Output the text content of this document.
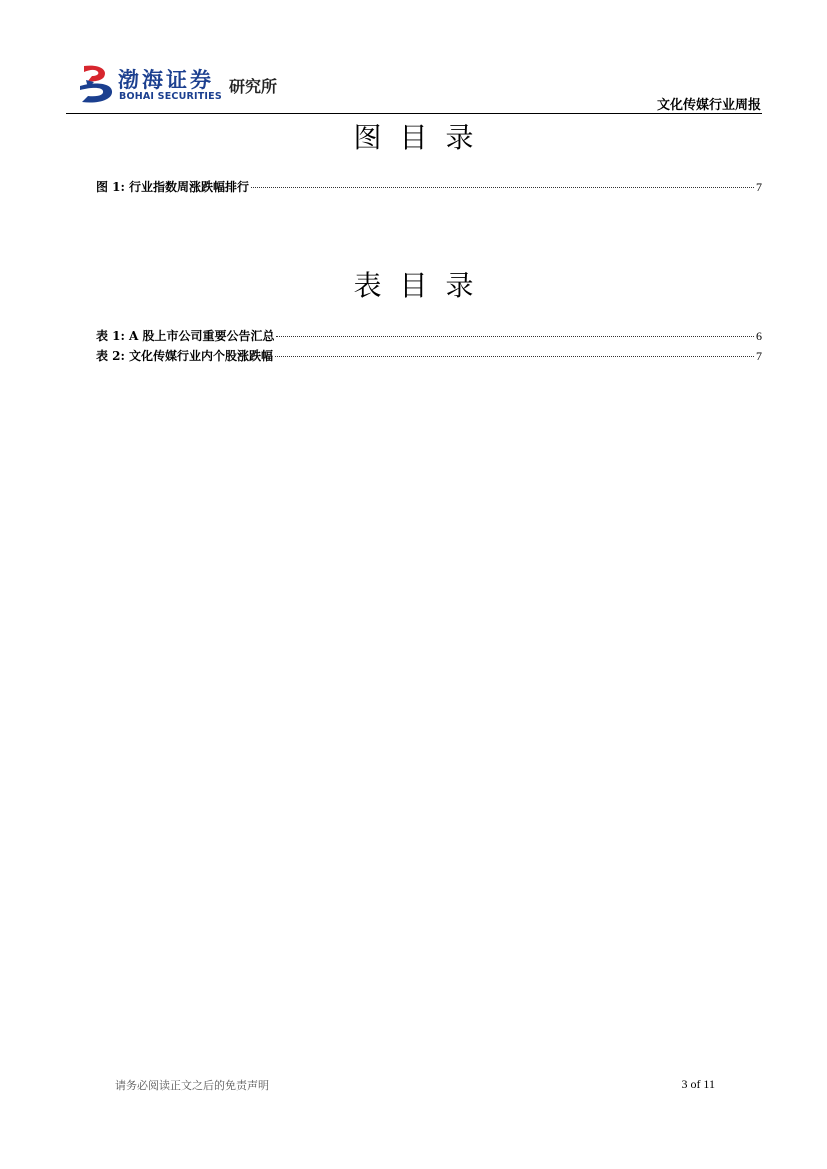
渤海证券
BOHAI SECURITIES
研究所
文化传媒行业周报
图目录
图 1: 行业指数周涨跌幅排行	7
表目录
表 1: A 股上市公司重要公告汇总	6
表 2: 文化传媒行业内个股涨跌幅	7
请务必阅读正文之后的免责声明	3 of 11
